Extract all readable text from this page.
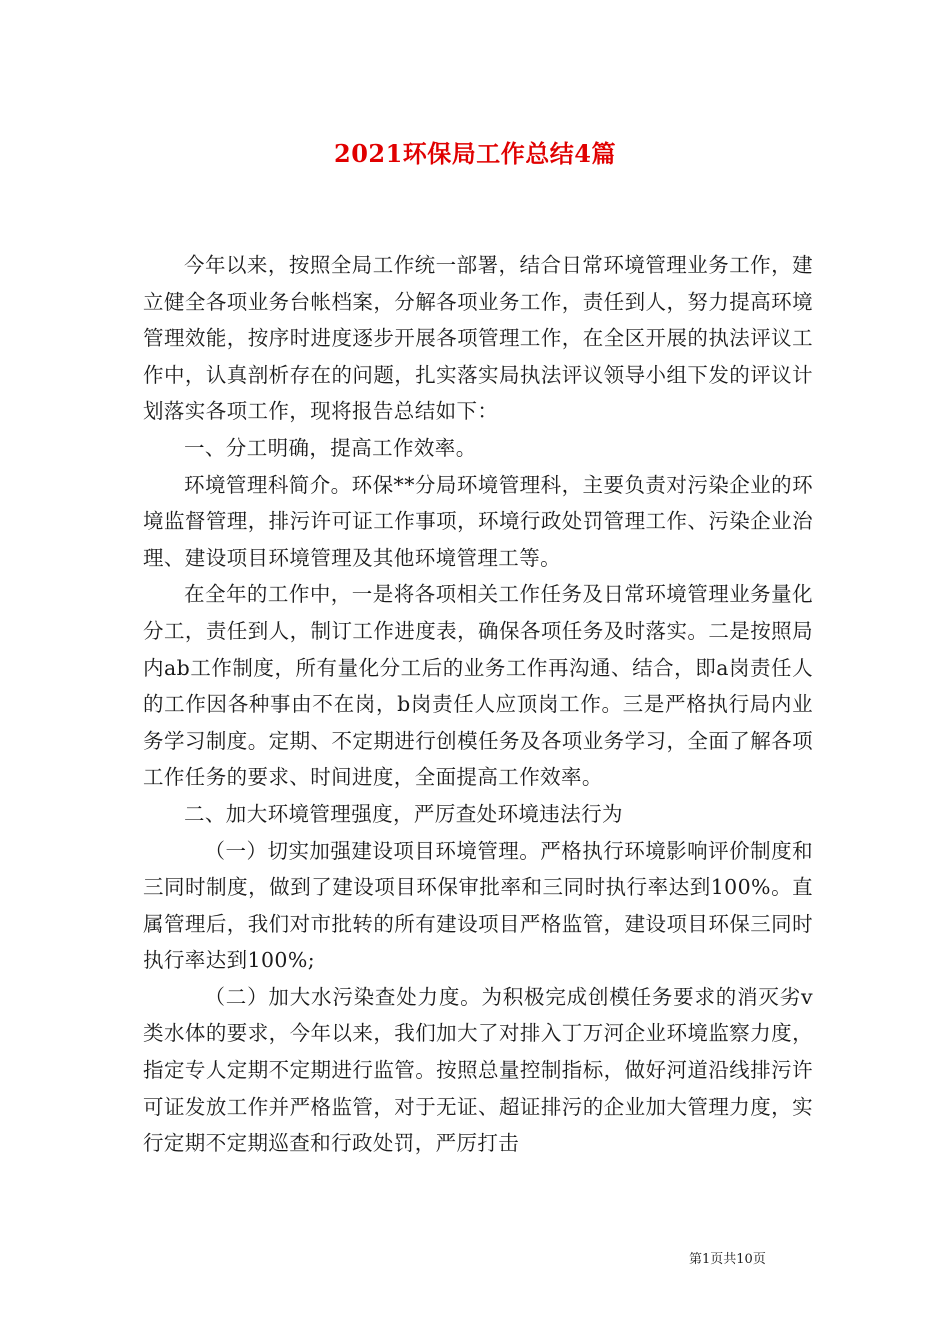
2021环保局工作总结4篇

今年以来，按照全局工作统一部署，结合日常环境管理业务工作，建立健全各项业务台帐档案，分解各项业务工作，责任到人，努力提高环境管理效能，按序时进度逐步开展各项管理工作，在全区开展的执法评议工作中，认真剖析存在的问题，扎实落实局执法评议领导小组下发的评议计划落实各项工作，现将报告总结如下：

一、分工明确，提高工作效率。

环境管理科简介。环保**分局环境管理科，主要负责对污染企业的环境监督管理，排污许可证工作事项，环境行政处罚管理工作、污染企业治理、建设项目环境管理及其他环境管理工等。

在全年的工作中，一是将各项相关工作任务及日常环境管理业务量化分工，责任到人，制订工作进度表，确保各项任务及时落实。二是按照局内ab工作制度，所有量化分工后的业务工作再沟通、结合，即a岗责任人的工作因各种事由不在岗，b岗责任人应顶岗工作。三是严格执行局内业务学习制度。定期、不定期进行创模任务及各项业务学习，全面了解各项工作任务的要求、时间进度，全面提高工作效率。

二、加大环境管理强度，严厉查处环境违法行为

（一）切实加强建设项目环境管理。严格执行环境影响评价制度和三同时制度，做到了建设项目环保审批率和三同时执行率达到100%。直属管理后，我们对市批转的所有建设项目严格监管，建设项目环保三同时执行率达到100%;

（二）加大水污染查处力度。为积极完成创模任务要求的消灭劣v类水体的要求，今年以来，我们加大了对排入丁万河企业环境监察力度，指定专人定期不定期进行监管。按照总量控制指标，做好河道沿线排污许可证发放工作并严格监管，对于无证、超证排污的企业加大管理力度，实行定期不定期巡查和行政处罚，严厉打击

第1页共10页
